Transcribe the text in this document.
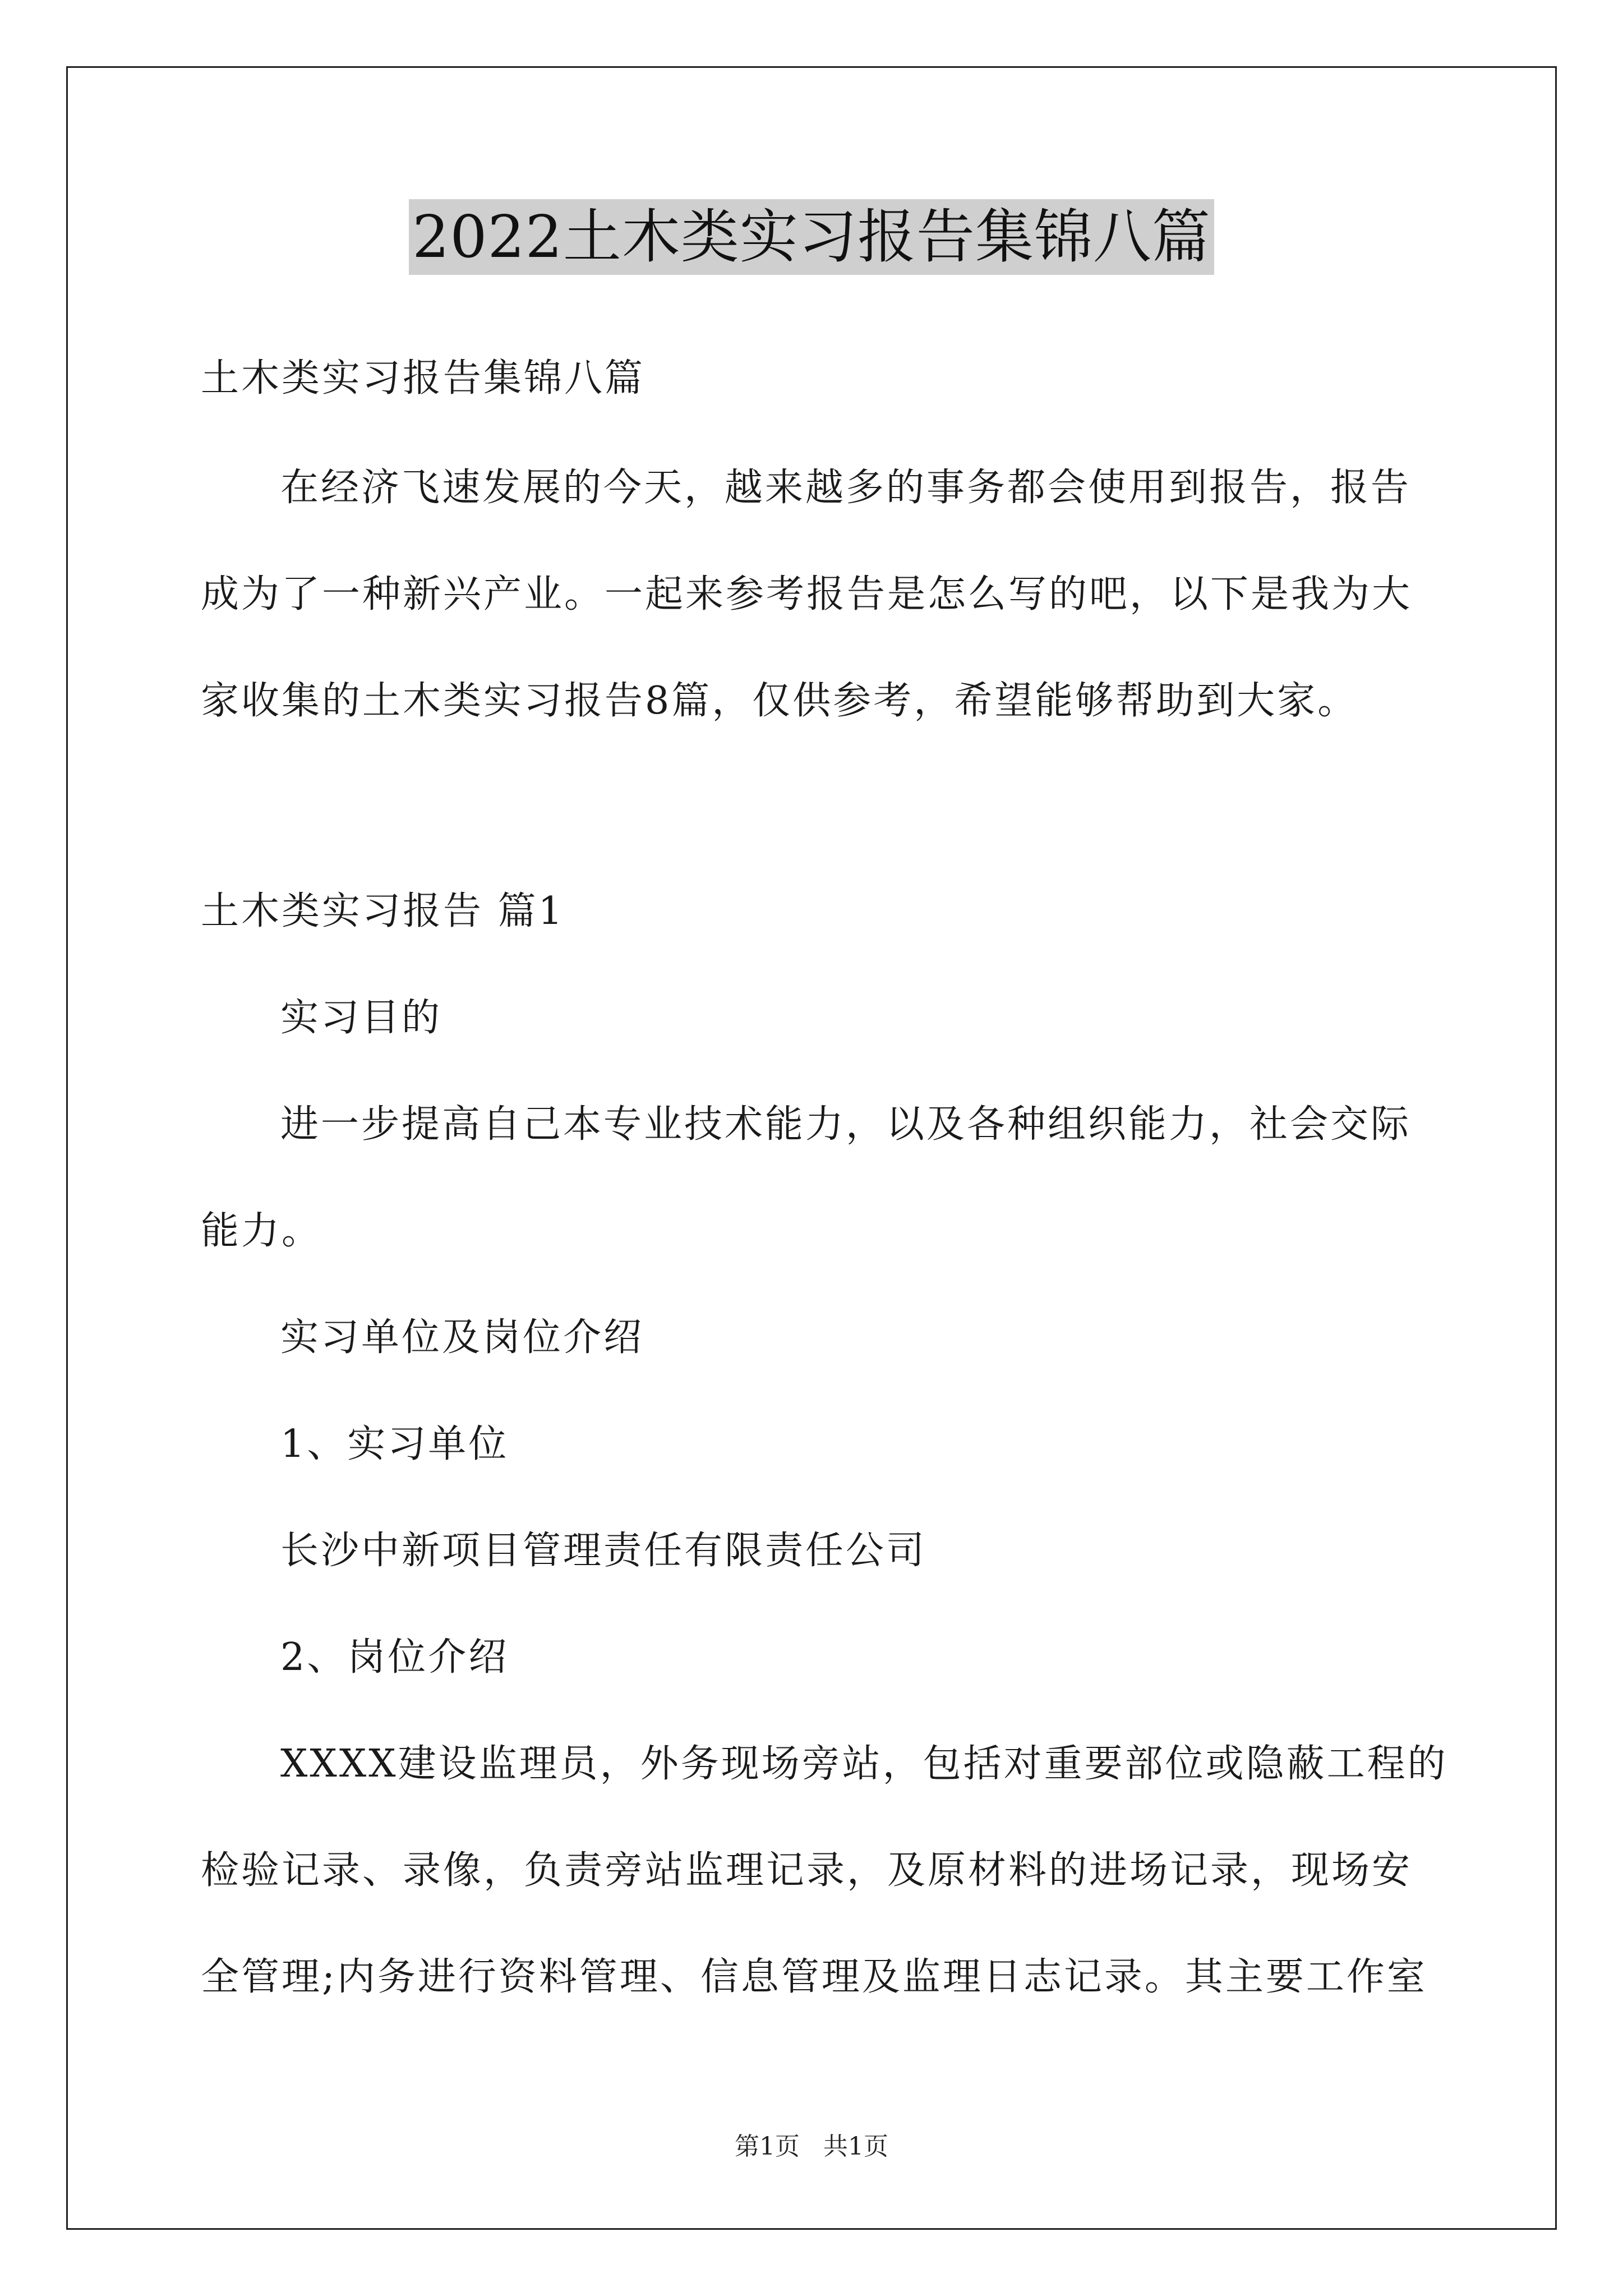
2022土木类实习报告集锦八篇
土木类实习报告集锦八篇
在经济飞速发展的今天，越来越多的事务都会使用到报告，报告
成为了一种新兴产业。一起来参考报告是怎么写的吧，以下是我为大
家收集的土木类实习报告8篇，仅供参考，希望能够帮助到大家。
土木类实习报告 篇1
实习目的
进一步提高自己本专业技术能力，以及各种组织能力，社会交际
能力。
实习单位及岗位介绍
1、实习单位
长沙中新项目管理责任有限责任公司
2、岗位介绍
XXXX建设监理员，外务现场旁站，包括对重要部位或隐蔽工程的
检验记录、录像，负责旁站监理记录，及原材料的进场记录，现场安
全管理;内务进行资料管理、信息管理及监理日志记录。其主要工作室
第1页 共1页
